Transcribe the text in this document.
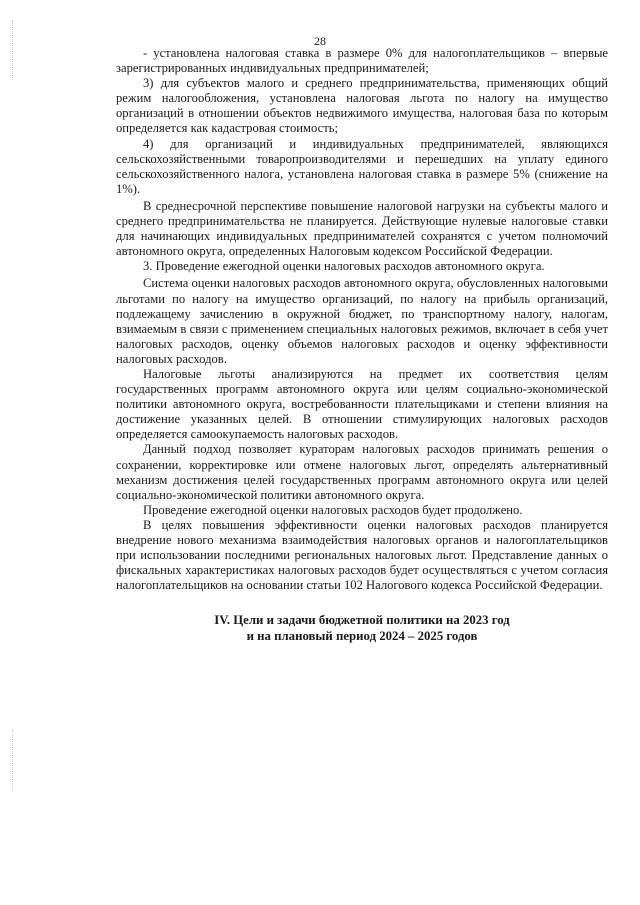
28

- установлена налоговая ставка в размере 0% для налогоплательщиков – впервые зарегистрированных индивидуальных предпринимателей;

3) для субъектов малого и среднего предпринимательства, применяющих общий режим налогообложения, установлена налоговая льгота по налогу на имущество организаций в отношении объектов недвижимого имущества, налоговая база по которым определяется как кадастровая стоимость;

4) для организаций и индивидуальных предпринимателей, являющихся сельскохозяйственными товаропроизводителями и перешедших на уплату единого сельскохозяйственного налога, установлена налоговая ставка в размере 5% (снижение на 1%).

В среднесрочной перспективе повышение налоговой нагрузки на субъекты малого и среднего предпринимательства не планируется. Действующие нулевые налоговые ставки для начинающих индивидуальных предпринимателей сохранятся с учетом полномочий автономного округа, определенных Налоговым кодексом Российской Федерации.

3. Проведение ежегодной оценки налоговых расходов автономного округа.

Система оценки налоговых расходов автономного округа, обусловленных налоговыми льготами по налогу на имущество организаций, по налогу на прибыль организаций, подлежащему зачислению в окружной бюджет, по транспортному налогу, налогам, взимаемым в связи с применением специальных налоговых режимов, включает в себя учет налоговых расходов, оценку объемов налоговых расходов и оценку эффективности налоговых расходов.

Налоговые льготы анализируются на предмет их соответствия целям государственных программ автономного округа или целям социально-экономической политики автономного округа, востребованности плательщиками и степени влияния на достижение указанных целей. В отношении стимулирующих налоговых расходов определяется самоокупаемость налоговых расходов.

Данный подход позволяет кураторам налоговых расходов принимать решения о сохранении, корректировке или отмене налоговых льгот, определять альтернативный механизм достижения целей государственных программ автономного округа или целей социально-экономической политики автономного округа.

Проведение ежегодной оценки налоговых расходов будет продолжено.

В целях повышения эффективности оценки налоговых расходов планируется внедрение нового механизма взаимодействия налоговых органов и налогоплательщиков при использовании последними региональных налоговых льгот. Представление данных о фискальных характеристиках налоговых расходов будет осуществляться с учетом согласия налогоплательщиков на основании статьи 102 Налогового кодекса Российской Федерации.

IV. Цели и задачи бюджетной политики на 2023 год
и на плановый период 2024 – 2025 годов
